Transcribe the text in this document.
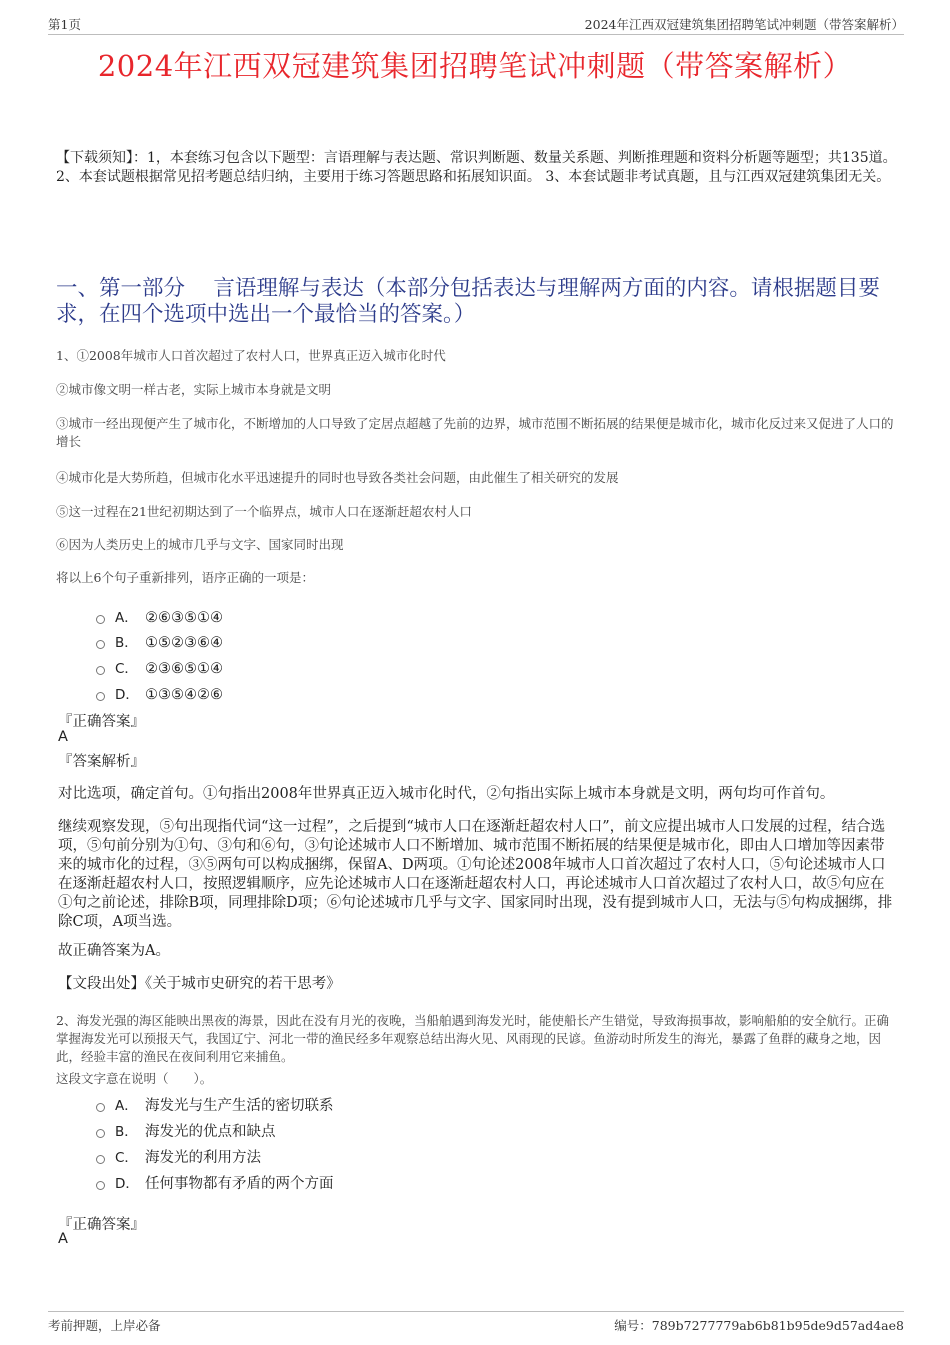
第1页	2024年江西双冠建筑集团招聘笔试冲刺题（带答案解析）
2024年江西双冠建筑集团招聘笔试冲刺题（带答案解析）
【下载须知】：1，本套练习包含以下题型：言语理解与表达题、常识判断题、数量关系题、判断推理题和资料分析题等题型；共135道。 2、本套试题根据常见招考题总结归纳，主要用于练习答题思路和拓展知识面。 3、本套试题非考试真题，且与江西双冠建筑集团无关。
一、第一部分　 言语理解与表达（本部分包括表达与理解两方面的内容。请根据题目要求，在四个选项中选出一个最恰当的答案。）
1、①2008年城市人口首次超过了农村人口，世界真正迈入城市化时代
②城市像文明一样古老，实际上城市本身就是文明
③城市一经出现便产生了城市化，不断增加的人口导致了定居点超越了先前的边界，城市范围不断拓展的结果便是城市化，城市化反过来又促进了人口的增长
④城市化是大势所趋，但城市化水平迅速提升的同时也导致各类社会问题，由此催生了相关研究的发展
⑤这一过程在21世纪初期达到了一个临界点，城市人口在逐渐赶超农村人口
⑥因为人类历史上的城市几乎与文字、国家同时出现
将以上6个句子重新排列，语序正确的一项是：
A． ②⑥③⑤①④
B． ①⑤②③⑥④
C． ②③⑥⑤①④
D． ①③⑤④②⑥
『正确答案』
A
『答案解析』
对比选项，确定首句。①句指出2008年世界真正迈入城市化时代，②句指出实际上城市本身就是文明，两句均可作首句。
继续观察发现，⑤句出现指代词“这一过程”，之后提到“城市人口在逐渐赶超农村人口”，前文应提出城市人口发展的过程，结合选项，⑤句前分别为①句、③句和⑥句，③句论述城市人口不断增加、城市范围不断拓展的结果便是城市化，即由人口增加等因素带来的城市化的过程，③⑤两句可以构成捆绑，保留A、D两项。①句论述2008年城市人口首次超过了农村人口，⑤句论述城市人口在逐渐赶超农村人口，按照逻辑顺序，应先论述城市人口在逐渐赶超农村人口，再论述城市人口首次超过了农村人口，故⑤句应在①句之前论述，排除B项，同理排除D项；⑥句论述城市几乎与文字、国家同时出现，没有提到城市人口，无法与⑤句构成捆绑，排除C项，A项当选。
故正确答案为A。
【文段出处】《关于城市史研究的若干思考》
2、海发光强的海区能映出黑夜的海景，因此在没有月光的夜晚，当船舶遇到海发光时，能使船长产生错觉，导致海损事故，影响船舶的安全航行。正确掌握海发光可以预报天气，我国辽宁、河北一带的渔民经多年观察总结出海火见、风雨现的民谚。鱼游动时所发生的海光，暴露了鱼群的藏身之地，因此，经验丰富的渔民在夜间利用它来捕鱼。
这段文字意在说明（　　）。
A． 海发光与生产生活的密切联系
B． 海发光的优点和缺点
C． 海发光的利用方法
D． 任何事物都有矛盾的两个方面
『正确答案』
A
考前押题，上岸必备	编号：789b7277779ab6b81b95de9d57ad4ae8
